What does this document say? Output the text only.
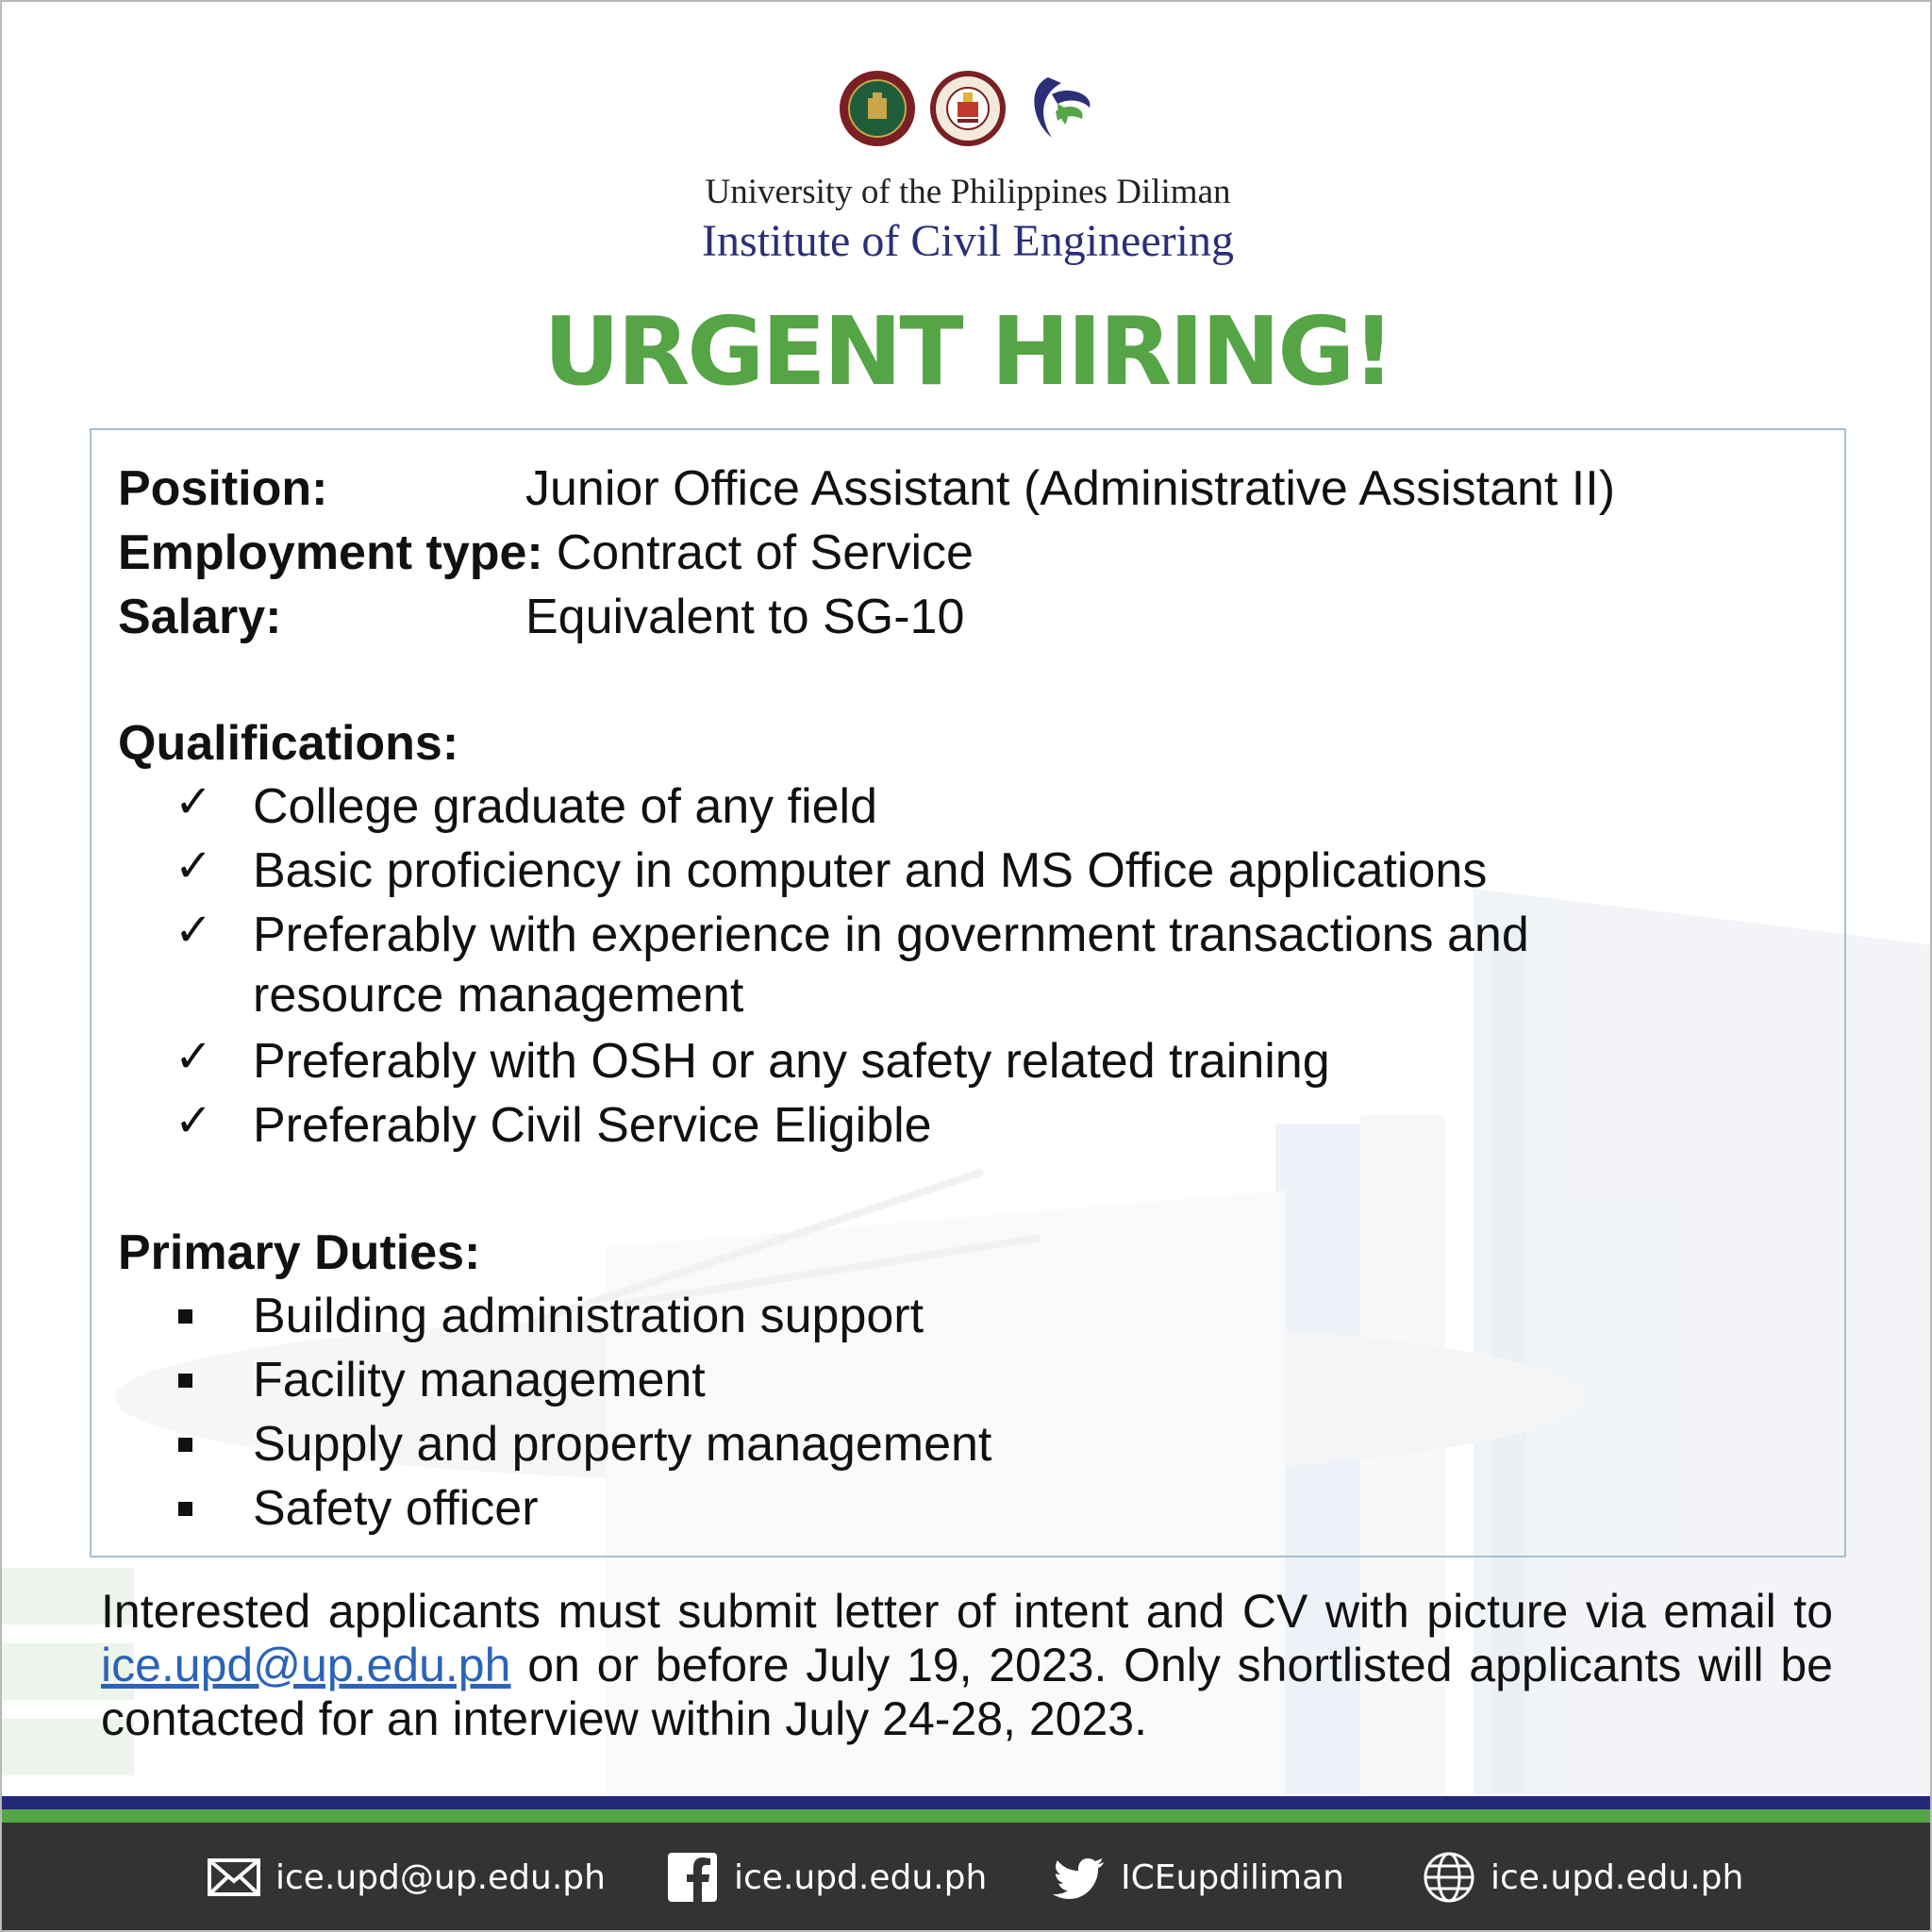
University of the Philippines Diliman
Institute of Civil Engineering
URGENT HIRING!
Position:	Junior Office Assistant (Administrative Assistant II)
Employment type: Contract of Service
Salary:	Equivalent to SG-10
Qualifications:
✓ College graduate of any field
✓ Basic proficiency in computer and MS Office applications
✓ Preferably with experience in government transactions and
resource management
✓ Preferably with OSH or any safety related training
✓ Preferably Civil Service Eligible
Primary Duties:
Building administration support
Facility management
Supply and property management
Safety officer
Interested applicants must submit letter of intent and CV with picture via email to ice.upd@up.edu.ph on or before July 19, 2023. Only shortlisted applicants will be contacted for an interview within July 24-28, 2023.
ice.upd@up.edu.ph	ice.upd.edu.ph	ICEupdiliman	ice.upd.edu.ph
